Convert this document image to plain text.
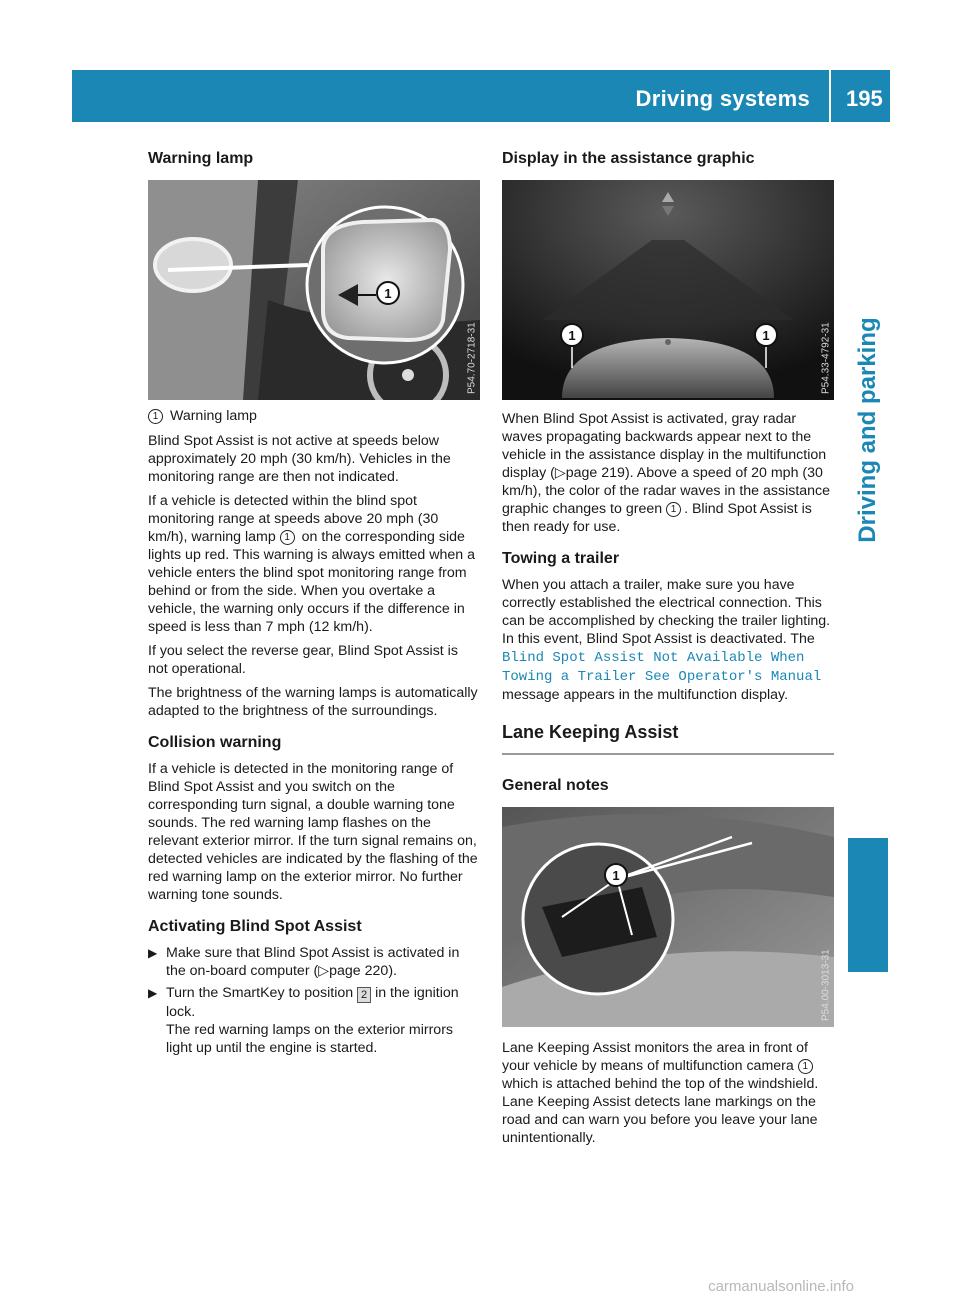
Driving systems 195
Driving and parking
Warning lamp
1
P54.70-2718-31
1 Warning lamp

Blind Spot Assist is not active at speeds below approximately 20 mph (30 km/h). Vehicles in the monitoring range are then not indicated.

If a vehicle is detected within the blind spot monitoring range at speeds above 20 mph (30 km/h), warning lamp 1 on the corresponding side lights up red. This warning is always emitted when a vehicle enters the blind spot monitoring range from behind or from the side. When you overtake a vehicle, the warning only occurs if the difference in speed is less than 7 mph (12 km/h).

If you select the reverse gear, Blind Spot Assist is not operational.

The brightness of the warning lamps is automatically adapted to the brightness of the surroundings.

Collision warning

If a vehicle is detected in the monitoring range of Blind Spot Assist and you switch on the corresponding turn signal, a double warning tone sounds. The red warning lamp flashes on the relevant exterior mirror. If the turn signal remains on, detected vehicles are indicated by the flashing of the red warning lamp on the exterior mirror. No further warning tone sounds.

Activating Blind Spot Assist
▶ Make sure that Blind Spot Assist is activated in the on-board computer (▷page 220).
▶ Turn the SmartKey to position 2 in the ignition lock.
The red warning lamps on the exterior mirrors light up until the engine is started.
Display in the assistance graphic
1	1	P54.33-4792-31

When Blind Spot Assist is activated, gray radar waves propagating backwards appear next to the vehicle in the assistance display in the multifunction display (▷page 219). Above a speed of 20 mph (30 km/h), the color of the radar waves in the assistance graphic changes to green 1 . Blind Spot Assist is then ready for use.

Towing a trailer

When you attach a trailer, make sure you have correctly established the electrical connection. This can be accomplished by checking the trailer lighting. In this event, Blind Spot Assist is deactivated. The Blind Spot Assist Not Available When Towing a Trailer See Operator's Manual message appears in the multifunction display.

Lane Keeping Assist
General notes
1
P54.00-3013-31

Lane Keeping Assist monitors the area in front of your vehicle by means of multifunction camera 1 which is attached behind the top of the windshield. Lane Keeping Assist detects lane markings on the road and can warn you before you leave your lane unintentionally.

carmanualsonline.info
